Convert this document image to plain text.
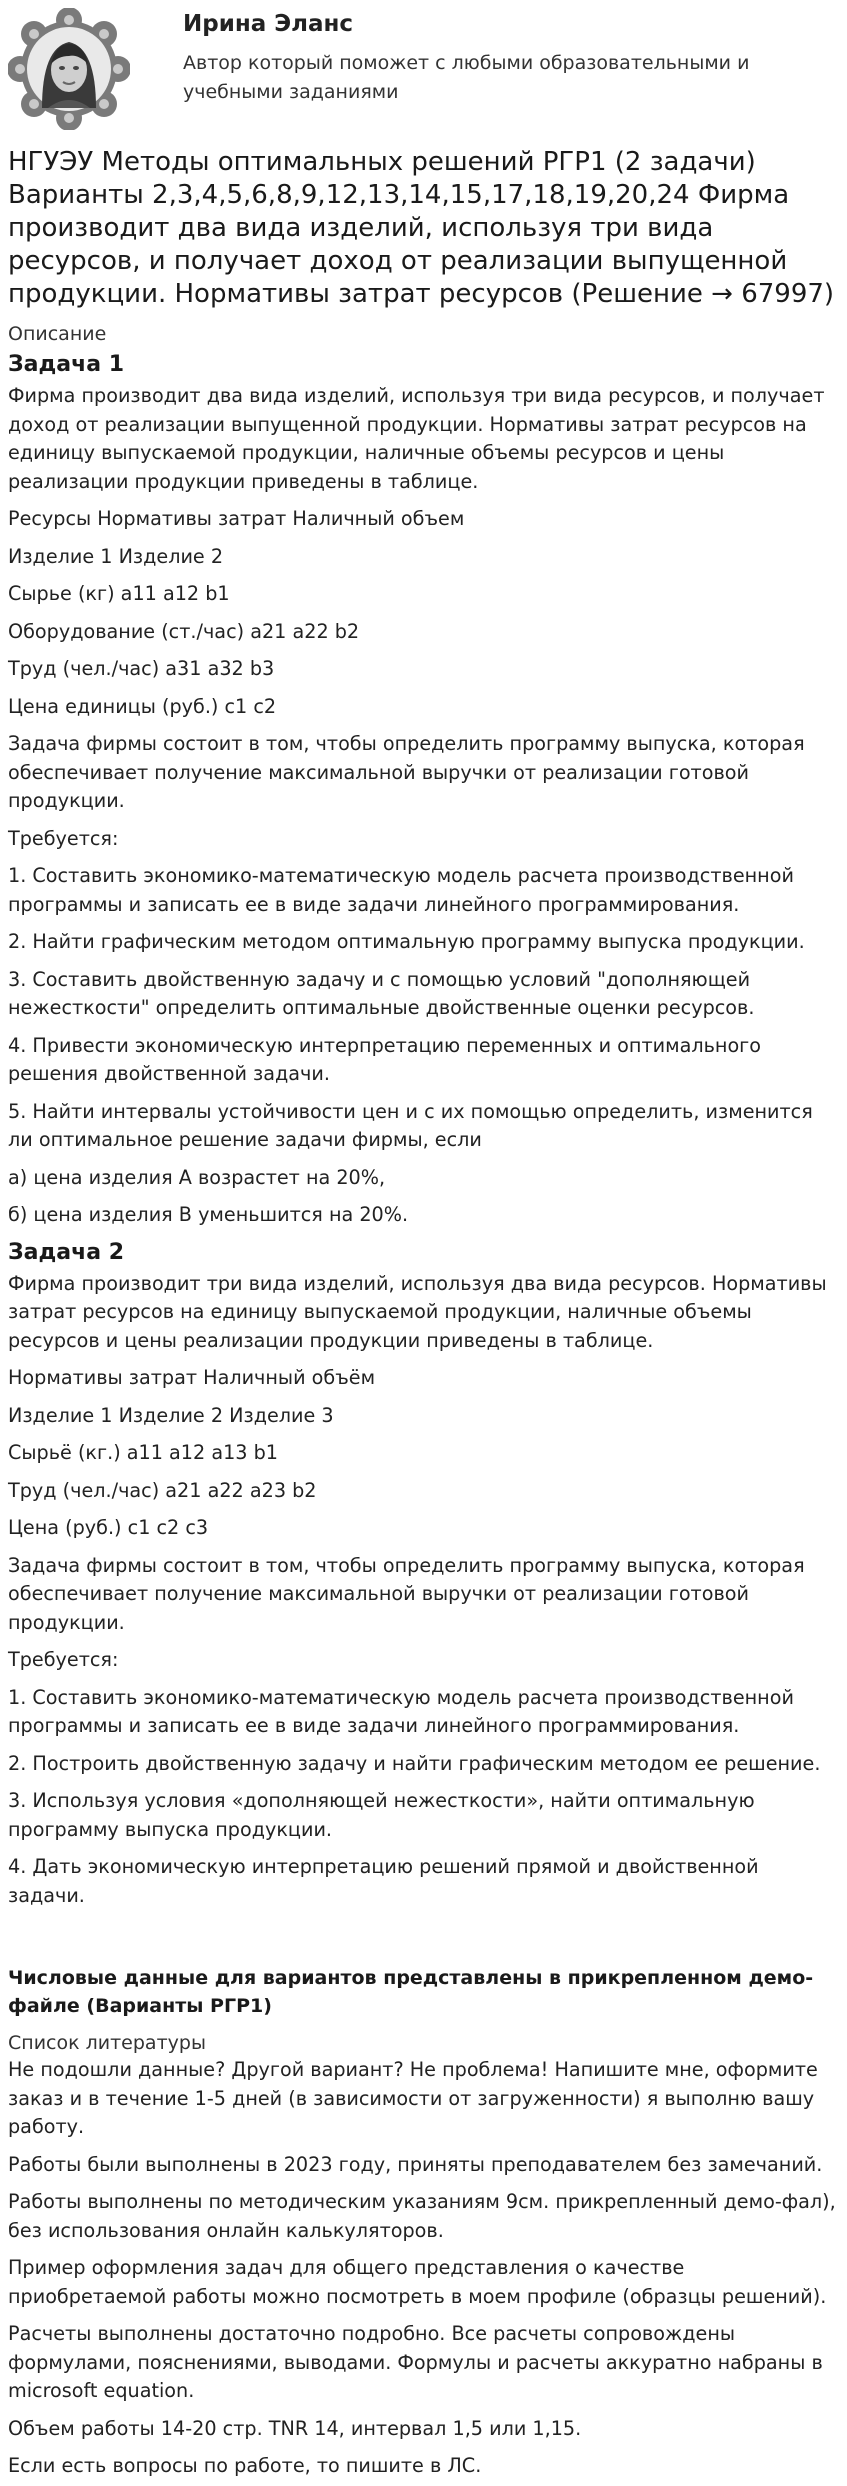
Ирина Эланс

Автор который поможет с любыми образовательными и учебными заданиями

НГУЭУ Методы оптимальных решений РГР1 (2 задачи) Варианты 2,3,4,5,6,8,9,12,13,14,15,17,18,19,20,24 Фирма производит два вида изделий, используя три вида ресурсов, и получает доход от реализации выпущенной продукции. Нормативы затрат ресурсов (Решение → 67997)
Описание
Задача 1

Фирма производит два вида изделий, используя три вида ресурсов, и получает доход от реализации выпущенной продукции. Нормативы затрат ресурсов на единицу выпускаемой продукции, наличные объемы ресурсов и цены реализации продукции приведены в таблице.

Ресурсы Нормативы затрат Наличный объем

Изделие 1 Изделие 2

Сырье (кг) a11 a12 b1

Оборудование (ст./час) a21 a22 b2

Труд (чел./час) a31 a32 b3

Цена единицы (руб.) c1 c2

Задача фирмы состоит в том, чтобы определить программу выпуска, которая обеспечивает получение максимальной выручки от реализации готовой продукции.

Требуется:

1. Составить экономико-математическую модель расчета производственной программы и записать ее в виде задачи линейного программирования.

2. Найти графическим методом оптимальную программу выпуска продукции.

3. Составить двойственную задачу и с помощью условий "дополняющей нежесткости" определить оптимальные двойственные оценки ресурсов.

4. Привести экономическую интерпретацию переменных и оптимального решения двойственной задачи.

5. Найти интервалы устойчивости цен и с их помощью определить, изменится ли оптимальное решение задачи фирмы, если

а) цена изделия А возрастет на 20%,

б) цена изделия В уменьшится на 20%.

Задача 2

Фирма производит три вида изделий, используя два вида ресурсов. Нормативы затрат ресурсов на единицу выпускаемой продукции, наличные объемы ресурсов и цены реализации продукции приведены в таблице.

Нормативы затрат Наличный объём

Изделие 1 Изделие 2 Изделие 3

Сырьё (кг.) a11 a12 a13 b1

Труд (чел./час) a21 a22 a23 b2

Цена (руб.) c1 c2 c3

Задача фирмы состоит в том, чтобы определить программу выпуска, которая обеспечивает получение максимальной выручки от реализации готовой продукции.

Требуется:

1. Составить экономико-математическую модель расчета производственной программы и записать ее в виде задачи линейного программирования.

2. Построить двойственную задачу и найти графическим методом ее решение.

3. Используя условия «дополняющей нежесткости», найти оптимальную программу выпуска продукции.

4. Дать экономическую интерпретацию решений прямой и двойственной задачи.

Числовые данные для вариантов представлены в прикрепленном демо-файле (Варианты РГР1)
Список литературы

Не подошли данные? Другой вариант? Не проблема! Напишите мне, оформите заказ и в течение 1-5 дней (в зависимости от загруженности) я выполню вашу работу.

Работы были выполнены в 2023 году, приняты преподавателем без замечаний.

Работы выполнены по методическим указаниям 9см. прикрепленный демо-фал), без использования онлайн калькуляторов.

Пример оформления задач для общего представления о качестве приобретаемой работы можно посмотреть в моем профиле (образцы решений).

Расчеты выполнены достаточно подробно. Все расчеты сопровождены формулами, пояснениями, выводами. Формулы и расчеты аккуратно набраны в microsoft equation.

Объем работы 14-20 стр. TNR 14, интервал 1,5 или 1,15.

Если есть вопросы по работе, то пишите в ЛС.
